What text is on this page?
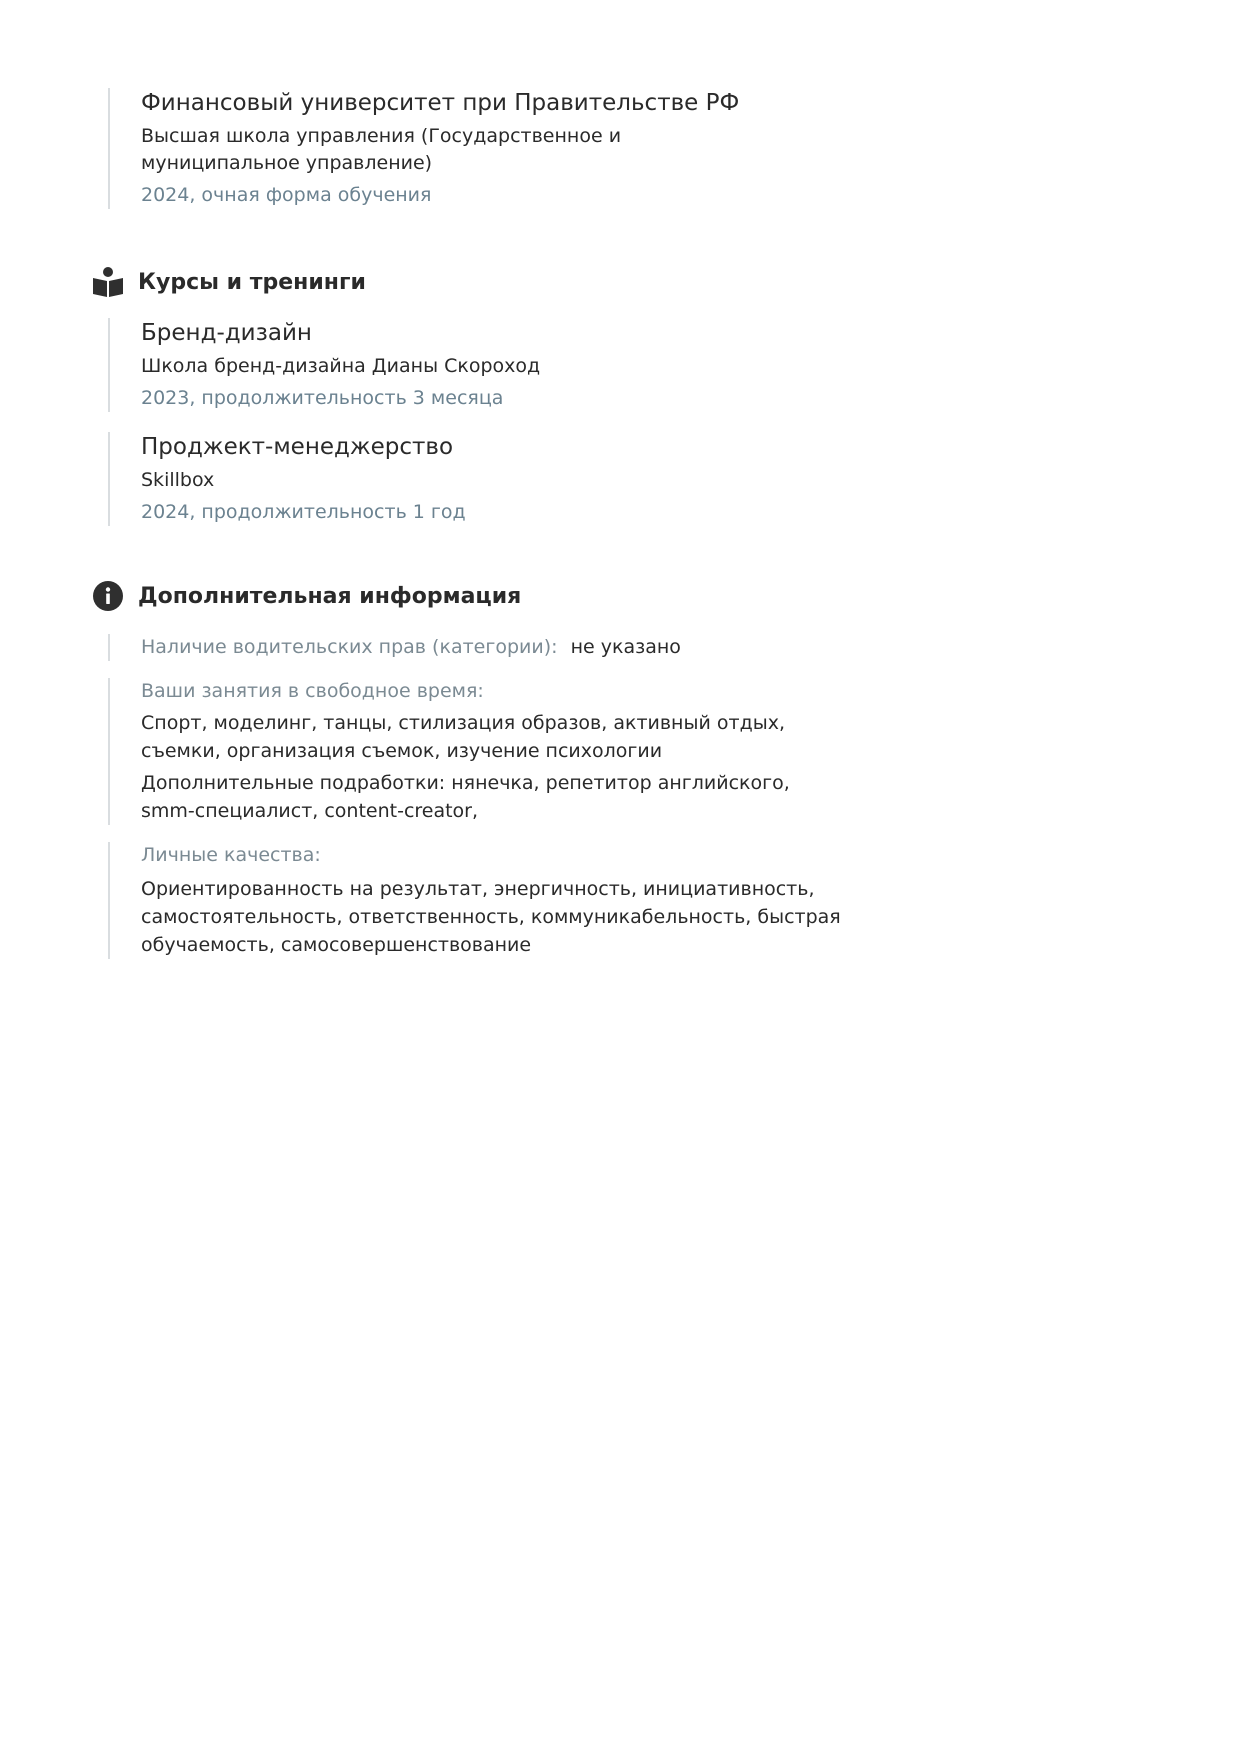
Финансовый университет при Правительстве РФ
Высшая школа управления (Государственное и муниципальное управление)
2024, очная форма обучения
Курсы и тренинги
Бренд-дизайн
Школа бренд-дизайна Дианы Скороход
2023, продолжительность 3 месяца
Проджект-менеджерство
Skillbox
2024, продолжительность 1 год
Дополнительная информация
Наличие водительских прав (категории): не указано
Ваши занятия в свободное время:

Спорт, моделинг, танцы, стилизация образов, активный отдых, съемки, организация съемок, изучение психологии

Дополнительные подработки: нянечка, репетитор английского, smm-специалист, content-creator,

Личные качества:

Ориентированность на результат, энергичность, инициативность, самостоятельность, ответственность, коммуникабельность, быстрая обучаемость, самосовершенствование
